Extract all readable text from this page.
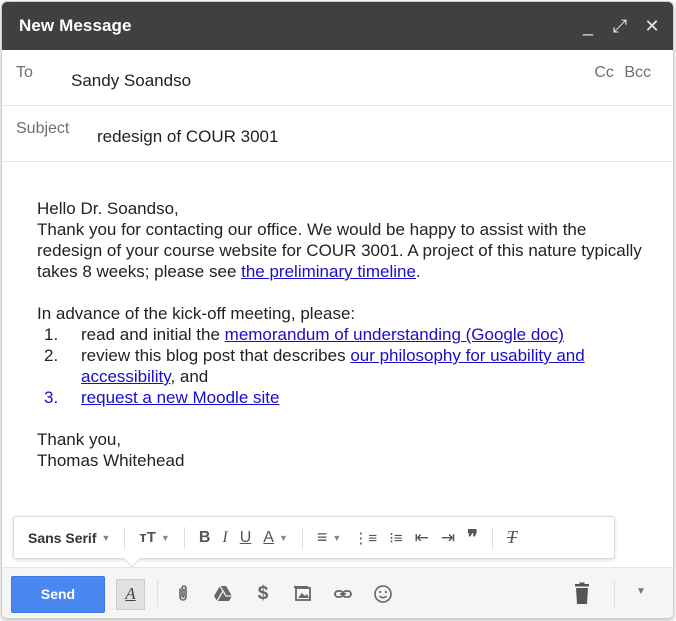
New Message	_ ⤢ ✕
To Sandy Soandso	Cc Bcc
Subject redesign of COUR 3001

Hello Dr. Soandso,

Thank you for contacting our office. We would be happy to assist with the redesign of your course website for COUR 3001. A project of this nature typically takes 8 weeks; please see the preliminary timeline.

In advance of the kick-off meeting, please:

1. read and initial the memorandum of understanding (Google doc)
2. review this blog post that describes our philosophy for usability and accessibility, and
3. request a new Moodle site

Thank you,

Thomas Whitehead

Sans Serif ▼ тT ▼ B I U A ▼ ≡ ▼ ⋮≡ ⁝≡ ⇤ ⇥ ❞ T
Send	A	$	▼
